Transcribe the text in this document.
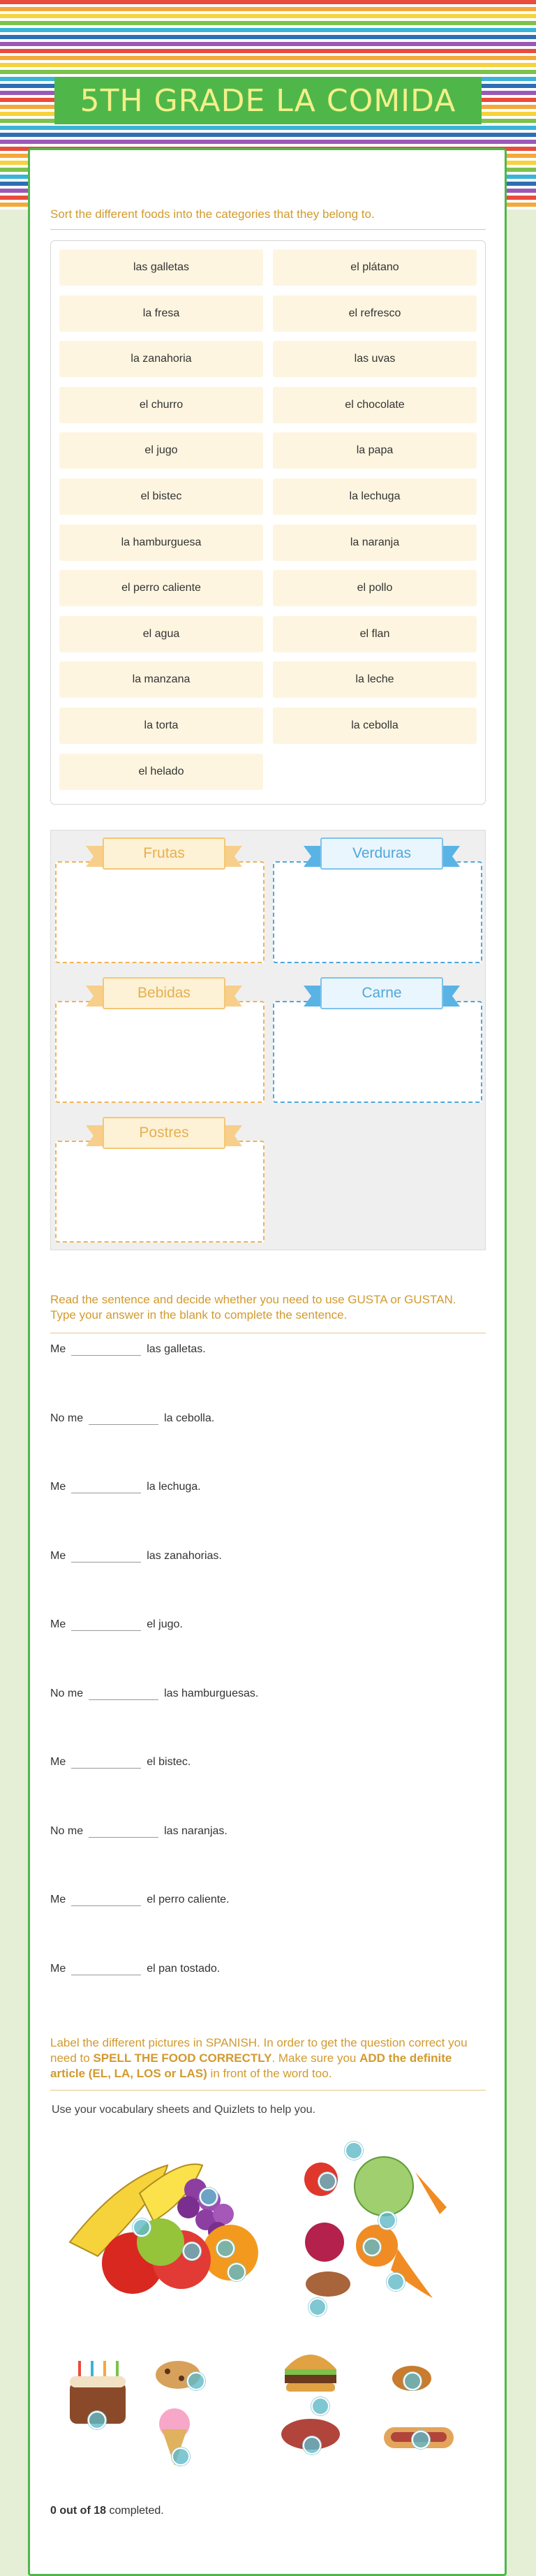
5TH GRADE LA COMIDA
Sort the different foods into the categories that they belong to.
las galletas	el plátano
la fresa	el refresco
la zanahoria	las uvas
el churro	el chocolate
el jugo	la papa
el bistec	la lechuga
la hamburguesa	la naranja
el perro caliente	el pollo
el agua	el flan
la manzana	la leche
la torta	la cebolla
el helado
Frutas	Verduras
Bebidas	Carne
Postres
Read the sentence and decide whether you need to use GUSTA or GUSTAN. Type your answer in the blank to complete the sentence.
Me	las galletas.
No me	la cebolla.
Me	la lechuga.
Me	las zanahorias.
Me	el jugo.
No me	las hamburguesas.
Me	el bistec.
No me	las naranjas.
Me	el perro caliente.
Me	el pan tostado.
Label the different pictures in SPANISH. In order to get the question correct you need to SPELL THE FOOD CORRECTLY. Make sure you ADD the definite article (EL, LA, LOS or LAS) in front of the word too.
Use your vocabulary sheets and Quizlets to help you.
0 out of 18 completed.
